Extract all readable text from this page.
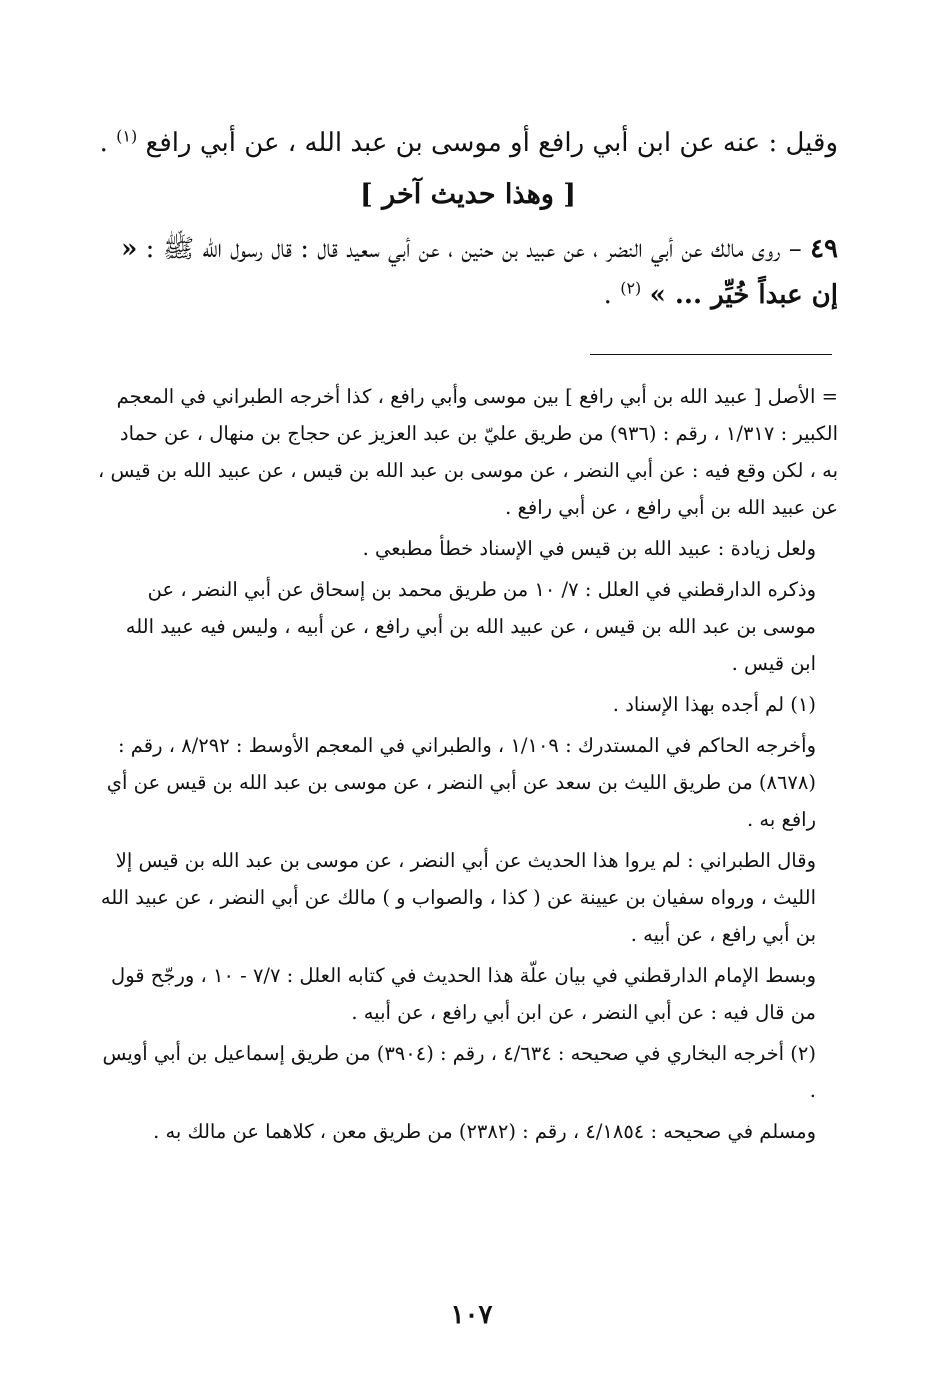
وقيل : عنه عن ابن أبي رافع أو موسى بن عبد الله ، عن أبي رافع $^{(١)}$ .

[ وهذا حديث آخر ]

٤٩ – روى مالك عن أبي النضر ، عن عبيد بن حنين ، عن أبي سعيد قال : قال رسول الله ﷺ : « إن عبداً خُيِّر ... » $^{(٢)}$ .

= الأصل [ عبيد الله بن أبي رافع ] بين موسى وأبي رافع ، كذا أخرجه الطبراني في المعجم الكبير : ١/٣١٧ ، رقم : (٩٣٦) من طريق عليّ بن عبد العزيز عن حجاج بن منهال ، عن حماد به ، لكن وقع فيه : عن أبي النضر ، عن موسى بن عبد الله بن قيس ، عن عبيد الله بن قيس ، عن عبيد الله بن أبي رافع ، عن أبي رافع .

ولعل زيادة : عبيد الله بن قيس في الإسناد خطأ مطبعي .

وذكره الدارقطني في العلل : ٧/ ١٠ من طريق محمد بن إسحاق عن أبي النضر ، عن موسى بن عبد الله بن قيس ، عن عبيد الله بن أبي رافع ، عن أبيه ، وليس فيه عبيد الله ابن قيس .

(١) لم أجده بهذا الإسناد .

وأخرجه الحاكم في المستدرك : ١/١٠٩ ، والطبراني في المعجم الأوسط : ٨/٢٩٢ ، رقم : (٨٦٧٨) من طريق الليث بن سعد عن أبي النضر ، عن موسى بن عبد الله بن قيس عن أي رافع به .

وقال الطبراني : لم يروا هذا الحديث عن أبي النضر ، عن موسى بن عبد الله بن قيس إلا الليث ، ورواه سفيان بن عيينة عن ( كذا ، والصواب و ) مالك عن أبي النضر ، عن عبيد الله بن أبي رافع ، عن أبيه .

وبسط الإمام الدارقطني في بيان علّة هذا الحديث في كتابه العلل : ٧/٧ - ١٠ ، ورجّح قول من قال فيه : عن أبي النضر ، عن ابن أبي رافع ، عن أبيه .

(٢) أخرجه البخاري في صحيحه : ٤/٦٣٤ ، رقم : (٣٩٠٤) من طريق إسماعيل بن أبي أويس .

ومسلم في صحيحه : ٤/١٨٥٤ ، رقم : (٢٣٨٢) من طريق معن ، كلاهما عن مالك به .

١٠٧
